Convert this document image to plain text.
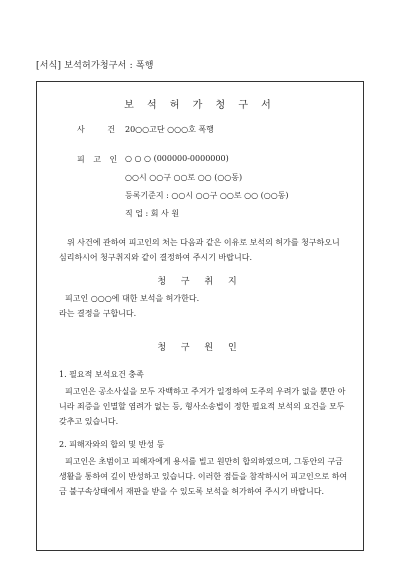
[서식] 보석허가청구서 : 폭행
보 석 허 가 청 구 서
사 건 20○○고단 ○○○호 폭행
피 고 인 ○ ○ ○ (000000-0000000)
○○시 ○○구 ○○로 ○○ (○○동)
등록기준지 : ○○시 ○○구 ○○로 ○○ (○○동)
직 업 : 회 사 원
위 사건에 관하여 피고인의 처는 다음과 같은 이유로 보석의 허가를 청구하오니 심리하시어 청구취지와 같이 결정하여 주시기 바랍니다.
청 구 취 지
피고인 ○○○에 대한 보석을 허가한다.
라는 결정을 구합니다.
청 구 원 인
1. 필요적 보석요건 충족
피고인은 공소사실을 모두 자백하고 주거가 일정하여 도주의 우려가 없을 뿐만 아니라 죄증을 인멸할 염려가 없는 등, 형사소송법이 정한 필요적 보석의 요건을 모두 갖추고 있습니다.
2. 피해자와의 합의 및 반성 등
피고인은 초범이고 피해자에게 용서를 빌고 원만히 합의하였으며, 그동안의 구금생활을 통하여 깊이 반성하고 있습니다. 이러한 점들을 참작하시어 피고인으로 하여금 불구속상태에서 재판을 받을 수 있도록 보석을 허가하여 주시기 바랍니다.
